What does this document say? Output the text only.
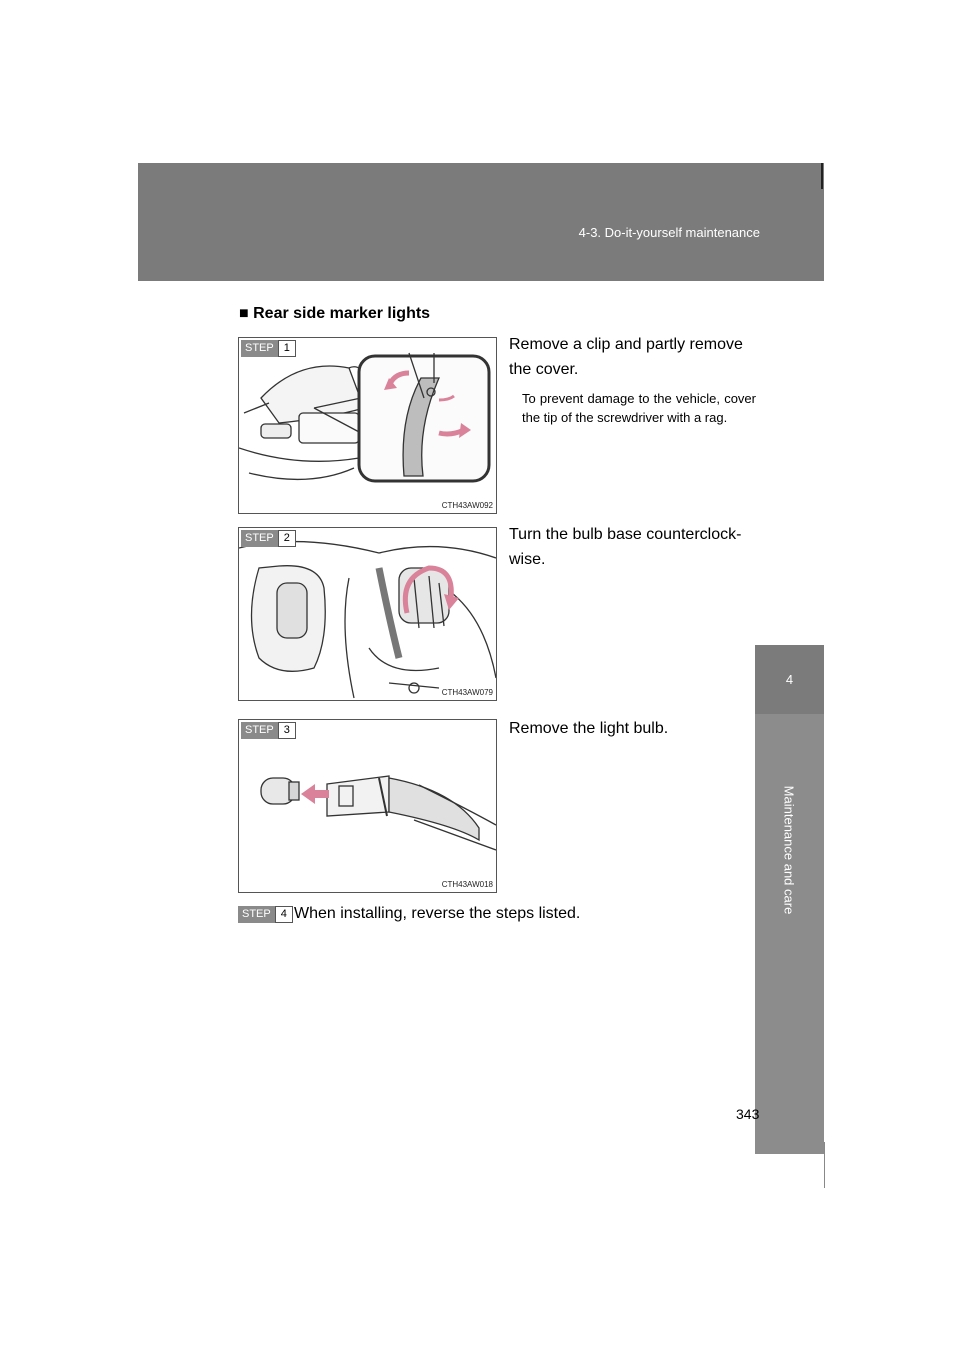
4-3. Do-it-yourself maintenance
4
Maintenance and care
■ Rear side marker lights
STEP 1
CTH43AW092
Remove a clip and partly remove the cover.
To prevent damage to the vehicle, cover the tip of the screwdriver with a rag.
STEP 2
CTH43AW079
Turn the bulb base counterclock-wise.
STEP 3
CTH43AW018
Remove the light bulb.
STEP 4 When installing, reverse the steps listed.
343
